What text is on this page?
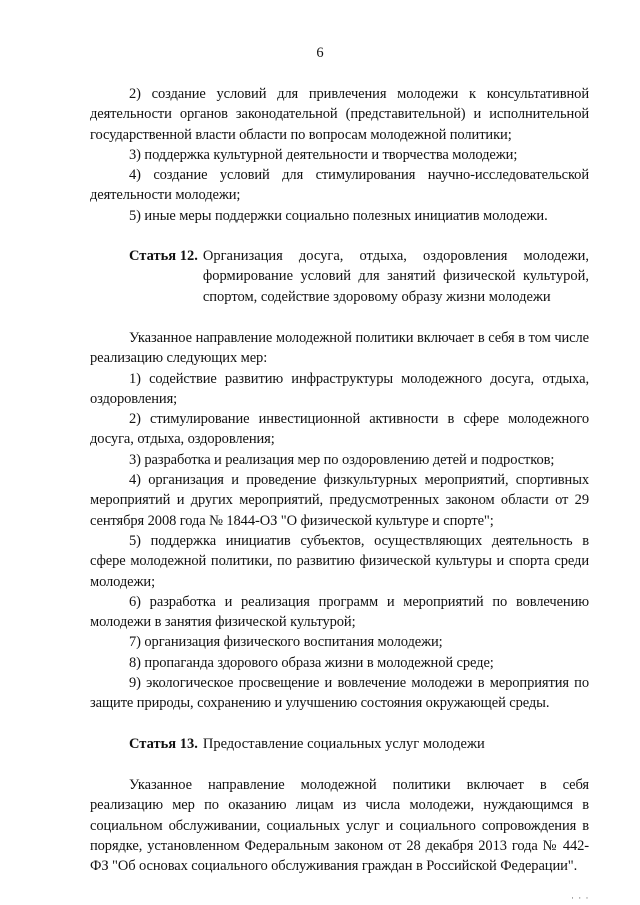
6

2) создание условий для привлечения молодежи к консультативной деятельности органов законодательной (представительной) и исполнительной государственной власти области по вопросам молодежной политики;

3) поддержка культурной деятельности и творчества молодежи;

4) создание условий для стимулирования научно-исследовательской деятельности молодежи;

5) иные меры поддержки социально полезных инициатив молодежи.

Статья 12. Организация досуга, отдыха, оздоровления молодежи, формирование условий для занятий физической культурой, спортом, содействие здоровому образу жизни молодежи

Указанное направление молодежной политики включает в себя в том числе реализацию следующих мер:

1) содействие развитию инфраструктуры молодежного досуга, отдыха, оздоровления;

2) стимулирование инвестиционной активности в сфере молодежного досуга, отдыха, оздоровления;

3) разработка и реализация мер по оздоровлению детей и подростков;

4) организация и проведение физкультурных мероприятий, спортивных мероприятий и других мероприятий, предусмотренных законом области от 29 сентября 2008 года № 1844-ОЗ "О физической культуре и спорте";

5) поддержка инициатив субъектов, осуществляющих деятельность в сфере молодежной политики, по развитию физической культуры и спорта среди молодежи;

6) разработка и реализация программ и мероприятий по вовлечению молодежи в занятия физической культурой;

7) организация физического воспитания молодежи;

8) пропаганда здорового образа жизни в молодежной среде;

9) экологическое просвещение и вовлечение молодежи в мероприятия по защите природы, сохранению и улучшению состояния окружающей среды.

Статья 13. Предоставление социальных услуг молодежи

Указанное направление молодежной политики включает в себя реализацию мер по оказанию лицам из числа молодежи, нуждающимся в социальном обслуживании, социальных услуг и социального сопровождения в порядке, установленном Федеральным законом от 28 декабря 2013 года № 442-ФЗ "Об основах социального обслуживания граждан в Российской Федерации".

· · ·
